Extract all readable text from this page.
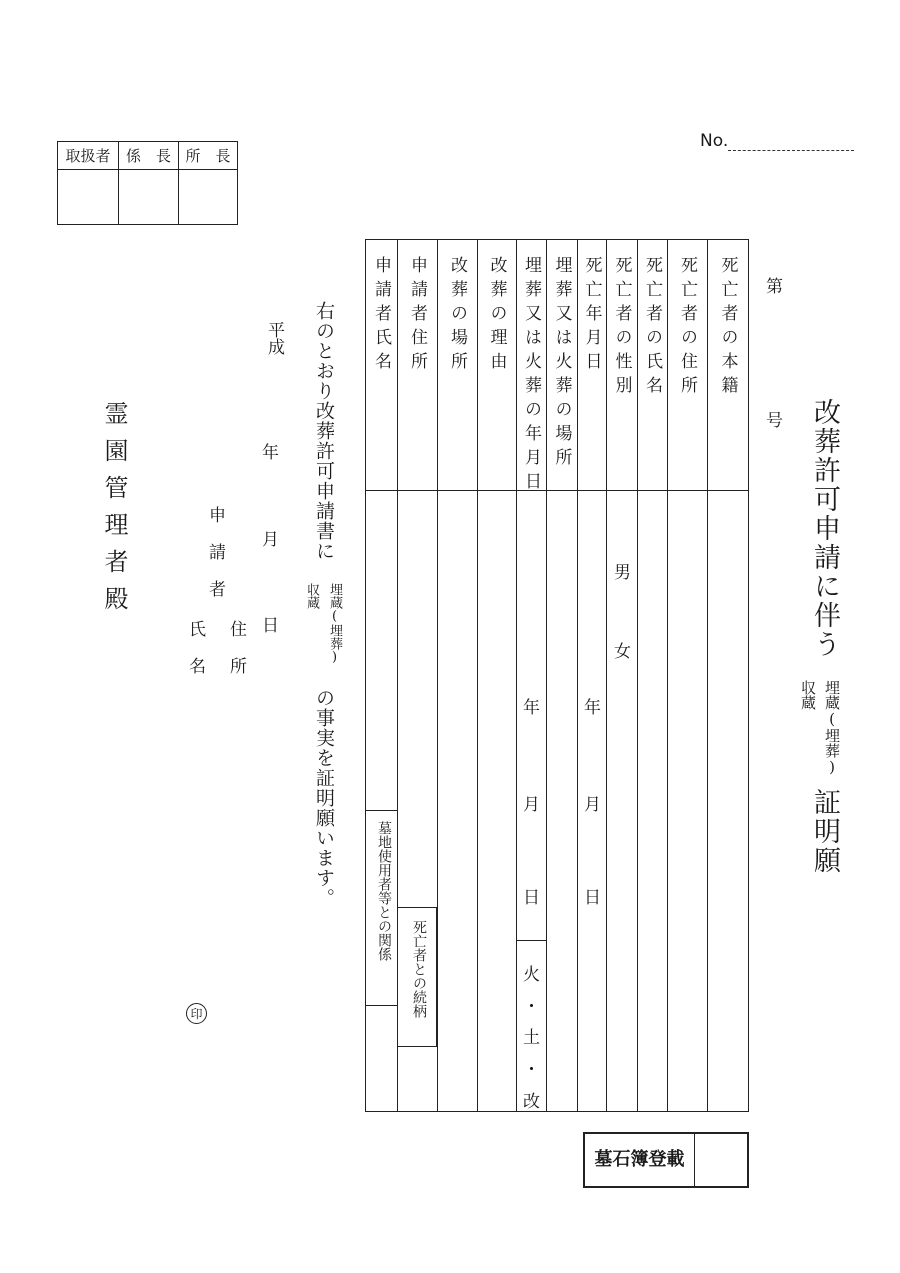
取扱者	係　長 所　長
No.
第
号 改葬許可申請に伴う
埋蔵(埋葬)
収蔵
証明願
死亡者の本籍
死亡者の住所
死亡者の氏名
死亡者の性別
男
女
死亡年月日
年
月
日
埋葬又は火葬の場所
埋葬又は火葬の年月日
年
月
日
火
・
土
・
改
改葬の理由
改葬の場所
申請者住所
申請者氏名
死亡者との続柄
墓地使用者等との関係
右のとおり改葬許可申請書に
埋蔵(埋葬)
収蔵
の事実を証明願います。
平成
年
月
日
申請者
住所
氏名
印
霊園管理者殿
墓石簿登載
